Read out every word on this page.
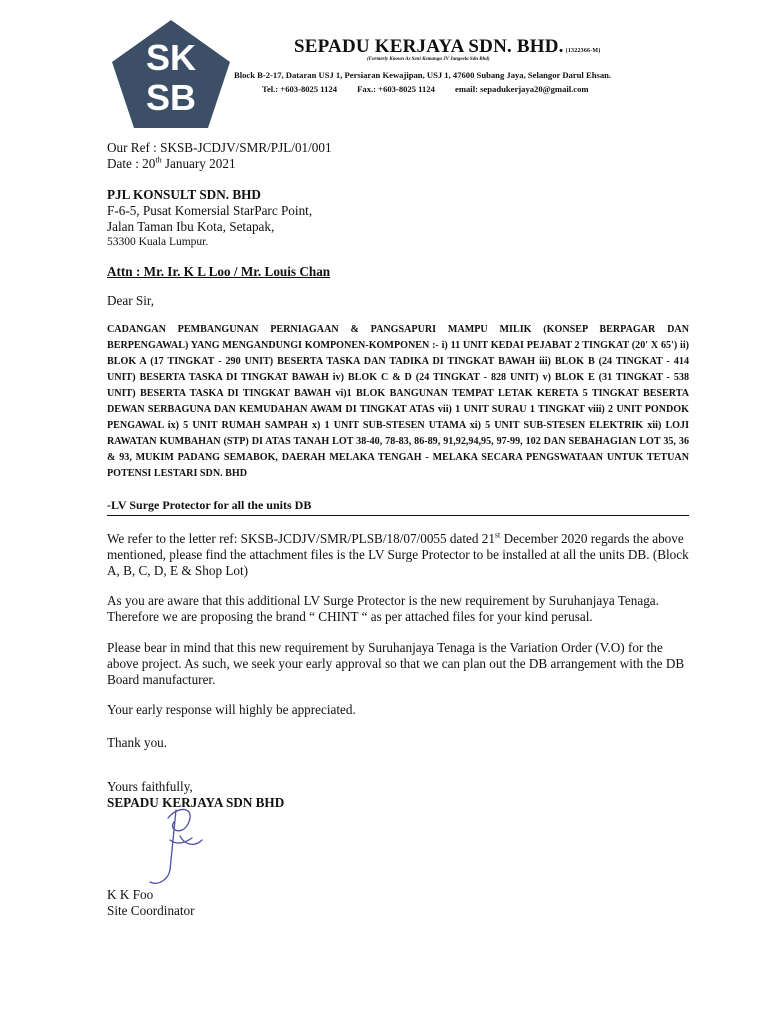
SK
SB
SEPADU KERJAYA SDN. BHD. (1322366-M)
(Formerly Known As Seni Kemanga JV Jangeela Sdn Bhd)
Block B-2-17, Dataran USJ 1, Persiaran Kewajipan, USJ 1, 47600 Subang Jaya, Selangor Darul Ehsan.
Tel.: +603-8025 1124 Fax.: +603-8025 1124 email: sepadukerjaya20@gmail.com
Our Ref : SKSB-JCDJV/SMR/PJL/01/001
Date : 20th January 2021
PJL KONSULT SDN. BHD
F-6-5, Pusat Komersial StarParc Point,
Jalan Taman Ibu Kota, Setapak,
53300 Kuala Lumpur.
Attn : Mr. Ir. K L Loo / Mr. Louis Chan
Dear Sir,
CADANGAN PEMBANGUNAN PERNIAGAAN & PANGSAPURI MAMPU MILIK (KONSEP BERPAGAR DAN BERPENGAWAL) YANG MENGANDUNGI KOMPONEN-KOMPONEN :- i) 11 UNIT KEDAI PEJABAT 2 TINGKAT (20' X 65') ii) BLOK A (17 TINGKAT - 290 UNIT) BESERTA TASKA DAN TADIKA DI TINGKAT BAWAH iii) BLOK B (24 TINGKAT - 414 UNIT) BESERTA TASKA DI TINGKAT BAWAH iv) BLOK C & D (24 TINGKAT - 828 UNIT) v) BLOK E (31 TINGKAT - 538 UNIT) BESERTA TASKA DI TINGKAT BAWAH vi)1 BLOK BANGUNAN TEMPAT LETAK KERETA 5 TINGKAT BESERTA DEWAN SERBAGUNA DAN KEMUDAHAN AWAM DI TINGKAT ATAS vii) 1 UNIT SURAU 1 TINGKAT viii) 2 UNIT PONDOK PENGAWAL ix) 5 UNIT RUMAH SAMPAH x) 1 UNIT SUB-STESEN UTAMA xi) 5 UNIT SUB-STESEN ELEKTRIK xii) LOJI RAWATAN KUMBAHAN (STP) DI ATAS TANAH LOT 38-40, 78-83, 86-89, 91,92,94,95, 97-99, 102 DAN SEBAHAGIAN LOT 35, 36 & 93, MUKIM PADANG SEMABOK, DAERAH MELAKA TENGAH - MELAKA SECARA PENGSWATAAN UNTUK TETUAN POTENSI LESTARI SDN. BHD
-LV Surge Protector for all the units DB
We refer to the letter ref: SKSB-JCDJV/SMR/PLSB/18/07/0055 dated 21st December 2020 regards the above mentioned, please find the attachment files is the LV Surge Protector to be installed at all the units DB. (Block A, B, C, D, E & Shop Lot)
As you are aware that this additional LV Surge Protector is the new requirement by Suruhanjaya Tenaga. Therefore we are proposing the brand “ CHINT “ as per attached files for your kind perusal.
Please bear in mind that this new requirement by Suruhanjaya Tenaga is the Variation Order (V.O) for the above project. As such, we seek your early approval so that we can plan out the DB arrangement with the DB Board manufacturer.
Your early response will highly be appreciated.
Thank you.
Yours faithfully,
SEPADU KERJAYA SDN BHD
K K Foo
Site Coordinator
